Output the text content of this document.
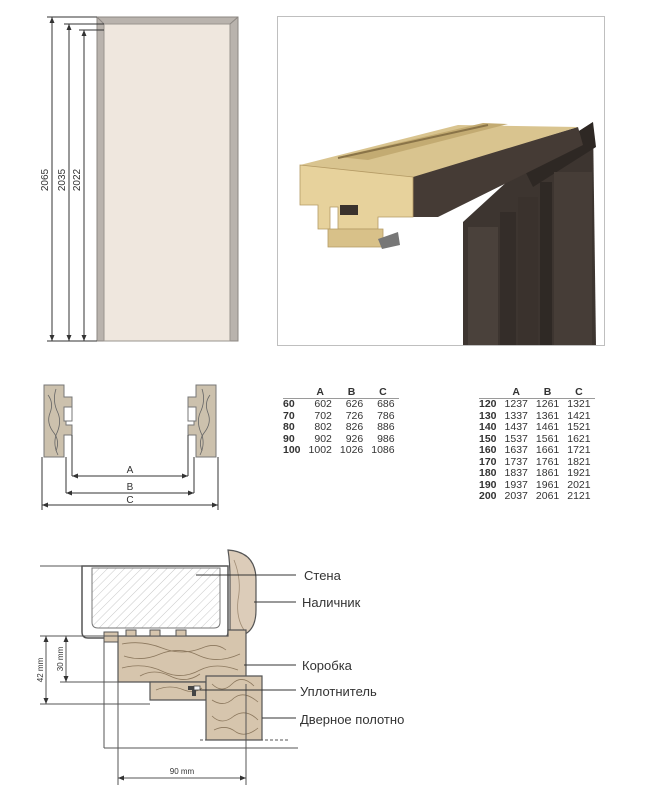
2065 2035 2022
A
B
C
	A	B	C
60	602	626	686
70	702	726	786
80	802	826	886
90	902	926	986
100	1002	1026	1086
	A	B	C
120	1237	1261	1321
130	1337	1361	1421
140	1437	1461	1521
150	1537	1561	1621
160	1637	1661	1721
170	1737	1761	1821
180	1837	1861	1921
190	1937	1961	2021
200	2037	2061	2121
Стена
Наличник
Коробка
Уплотнитель
Дверное полотно
42 mm 30 mm
90 mm
